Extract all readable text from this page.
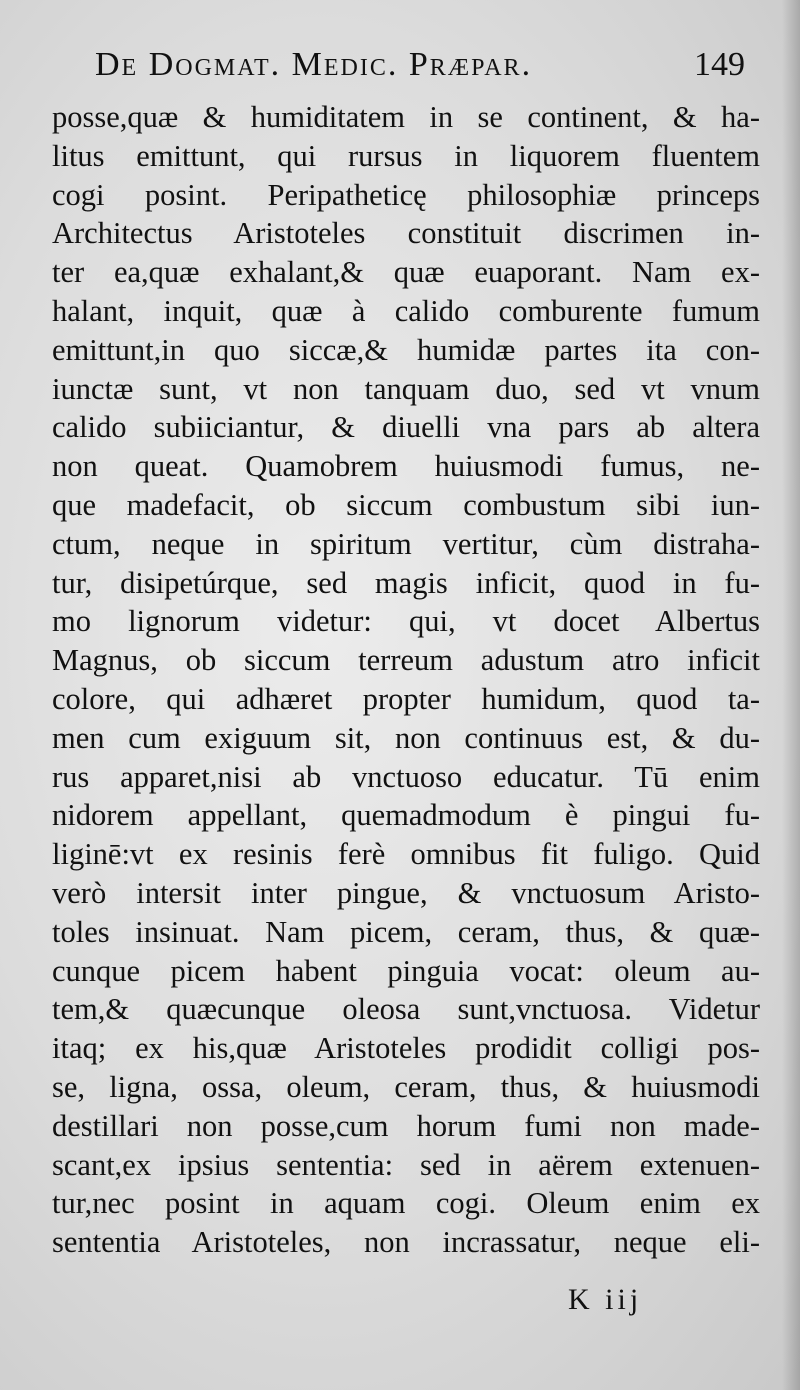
De Dogmat. Medic. Præpar.	149
posse,quæ & humiditatem in se continent, & ha-
litus emittunt, qui rursus in liquorem fluentem
cogi posint. Peripatheticę philosophiæ princeps
Architectus Aristoteles constituit discrimen in-
ter ea,quæ exhalant,& quæ euaporant. Nam ex-
halant, inquit, quæ à calido comburente fumum
emittunt,in quo siccæ,& humidæ partes ita con-
iunctæ sunt, vt non tanquam duo, sed vt vnum
calido subiiciantur, & diuelli vna pars ab altera
non queat. Quamobrem huiusmodi fumus, ne-
que madefacit, ob siccum combustum sibi iun-
ctum, neque in spiritum vertitur, cùm distraha-
tur, disipetúrque, sed magis inficit, quod in fu-
mo lignorum videtur: qui, vt docet Albertus
Magnus, ob siccum terreum adustum atro inficit
colore, qui adhæret propter humidum, quod ta-
men cum exiguum sit, non continuus est, & du-
rus apparet,nisi ab vnctuoso educatur. Tū enim
nidorem appellant, quemadmodum è pingui fu-
liginē:vt ex resinis ferè omnibus fit fuligo. Quid
verò intersit inter pingue, & vnctuosum Aristo-
toles insinuat. Nam picem, ceram, thus, & quæ-
cunque picem habent pinguia vocat: oleum au-
tem,& quæcunque oleosa sunt,vnctuosa. Videtur
itaq; ex his,quæ Aristoteles prodidit colligi pos-
se, ligna, ossa, oleum, ceram, thus, & huiusmodi
destillari non posse,cum horum fumi non made-
scant,ex ipsius sententia: sed in aërem extenuen-
tur,nec posint in aquam cogi. Oleum enim ex
sententia Aristoteles, non incrassatur, neque eli-
K iij
